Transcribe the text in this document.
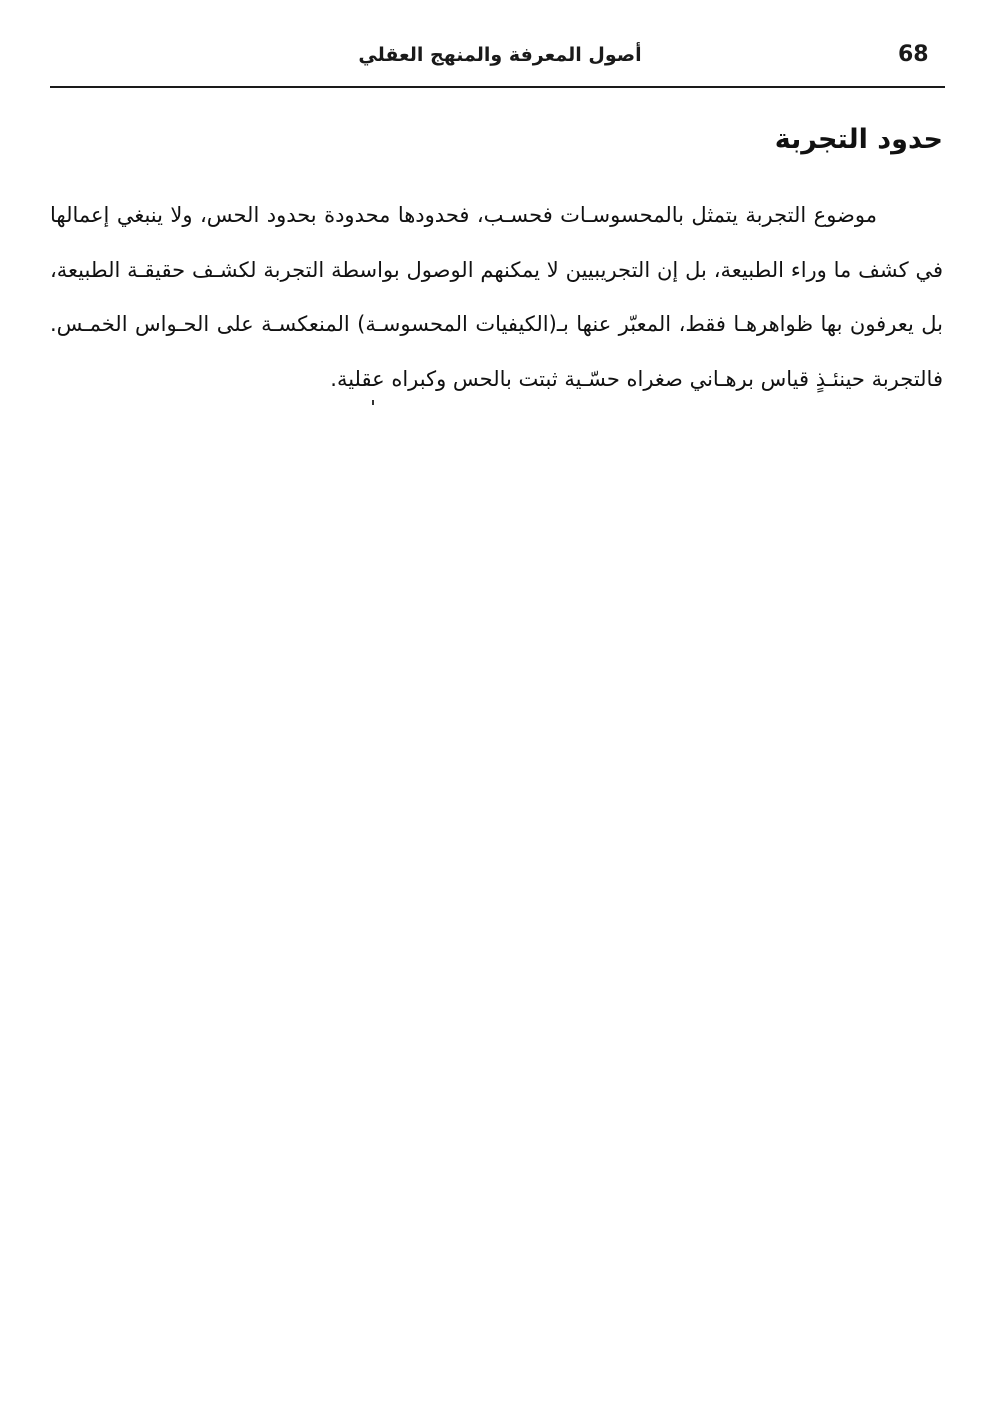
68
أصول المعرفة والمنهج العقلي
حدود التجربة

موضوع التجربة يتمثل بالمحسوسـات فحسـب، فحدودها محدودة بحدود الحس، ولا ينبغي إعمالها في كشف ما وراء الطبيعة، بل إن التجريبيين لا يمكنهم الوصول بواسطة التجربة لكشـف حقيقـة الطبيعة، بل يعرفون بها ظواهرهـا فقط، المعبّر عنها بـ(الكيفيات المحسوسـة) المنعكسـة على الحـواس الخمـس. فالتجربة حينئـذٍ قياس برهـاني صغراه حسّـية ثبتت بالحس وكبراه عقلية.
